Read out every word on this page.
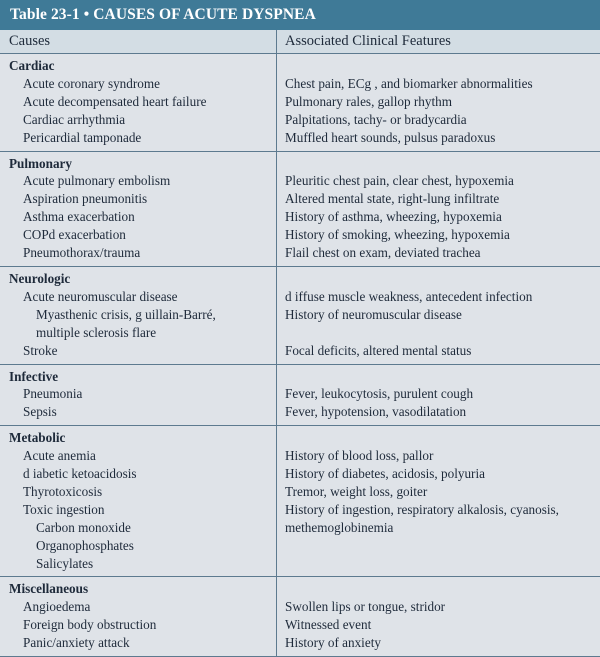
Table 23-1 • CAUSES OF ACUTE DYSPNEA
Causes	Associated Clinical Features
Cardiac
Acute coronary syndrome
Acute decompensated heart failure
Cardiac arrhythmia
Pericardial tamponade
Chest pain, ECg , and biomarker abnormalities
Pulmonary rales, gallop rhythm
Palpitations, tachy- or bradycardia
Muffled heart sounds, pulsus paradoxus
Pulmonary
Acute pulmonary embolism
Aspiration pneumonitis
Asthma exacerbation
COPd exacerbation
Pneumothorax/trauma
Pleuritic chest pain, clear chest, hypoxemia
Altered mental state, right-lung infiltrate
History of asthma, wheezing, hypoxemia
History of smoking, wheezing, hypoxemia
Flail chest on exam, deviated trachea
Neurologic
Acute neuromuscular disease
Myasthenic crisis, g uillain-Barré,
multiple sclerosis flare
Stroke
d iffuse muscle weakness, antecedent infection
History of neuromuscular disease
Focal deficits, altered mental status
Infective
Pneumonia
Sepsis
Fever, leukocytosis, purulent cough
Fever, hypotension, vasodilatation
Metabolic
Acute anemia
d iabetic ketoacidosis
Thyrotoxicosis
Toxic ingestion
Carbon monoxide
Organophosphates
Salicylates
History of blood loss, pallor
History of diabetes, acidosis, polyuria
Tremor, weight loss, goiter
History of ingestion, respiratory alkalosis, cyanosis,
methemoglobinemia
Miscellaneous
Angioedema
Foreign body obstruction
Panic/anxiety attack
Swollen lips or tongue, stridor
Witnessed event
History of anxiety
